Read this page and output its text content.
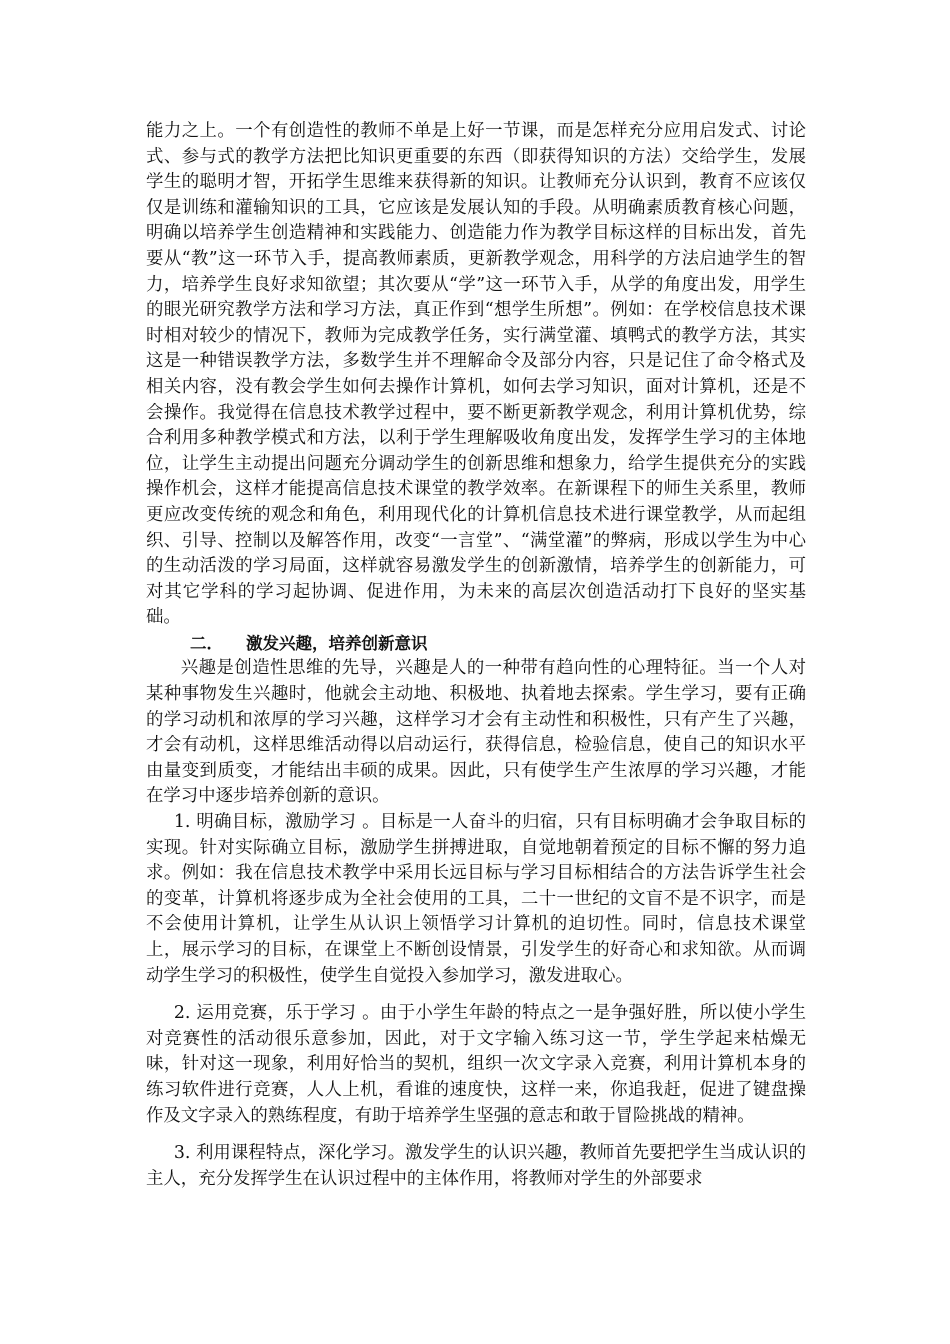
能力之上。一个有创造性的教师不单是上好一节课，而是怎样充分应用启发式、讨论式、参与式的教学方法把比知识更重要的东西（即获得知识的方法）交给学生，发展学生的聪明才智，开拓学生思维来获得新的知识。让教师充分认识到，教育不应该仅仅是训练和灌输知识的工具，它应该是发展认知的手段。从明确素质教育核心问题，明确以培养学生创造精神和实践能力、创造能力作为教学目标这样的目标出发，首先要从“教”这一环节入手，提高教师素质，更新教学观念，用科学的方法启迪学生的智力，培养学生良好求知欲望；其次要从“学”这一环节入手，从学的角度出发，用学生的眼光研究教学方法和学习方法，真正作到“想学生所想”。例如：在学校信息技术课时相对较少的情况下，教师为完成教学任务，实行满堂灌、填鸭式的教学方法，其实这是一种错误教学方法，多数学生并不理解命令及部分内容，只是记住了命令格式及相关内容，没有教会学生如何去操作计算机，如何去学习知识，面对计算机，还是不会操作。我觉得在信息技术教学过程中，要不断更新教学观念，利用计算机优势，综合利用多种教学模式和方法，以利于学生理解吸收角度出发，发挥学生学习的主体地位，让学生主动提出问题充分调动学生的创新思维和想象力，给学生提供充分的实践操作机会，这样才能提高信息技术课堂的教学效率。在新课程下的师生关系里，教师更应改变传统的观念和角色，利用现代化的计算机信息技术进行课堂教学，从而起组织、引导、控制以及解答作用，改变“一言堂”、“满堂灌”的弊病，形成以学生为中心的生动活泼的学习局面，这样就容易激发学生的创新激情，培养学生的创新能力，可对其它学科的学习起协调、促进作用，为未来的高层次创造活动打下良好的坚实基础。

二．    激发兴趣，培养创新意识

兴趣是创造性思维的先导，兴趣是人的一种带有趋向性的心理特征。当一个人对某种事物发生兴趣时，他就会主动地、积极地、执着地去探索。学生学习，要有正确的学习动机和浓厚的学习兴趣，这样学习才会有主动性和积极性，只有产生了兴趣，才会有动机，这样思维活动得以启动运行，获得信息，检验信息，使自己的知识水平由量变到质变，才能结出丰硕的成果。因此，只有使学生产生浓厚的学习兴趣，才能在学习中逐步培养创新的意识。

1. 明确目标，激励学习 。目标是一人奋斗的归宿，只有目标明确才会争取目标的实现。针对实际确立目标，激励学生拼搏进取，自觉地朝着预定的目标不懈的努力追求。例如：我在信息技术教学中采用长远目标与学习目标相结合的方法告诉学生社会的变革，计算机将逐步成为全社会使用的工具，二十一世纪的文盲不是不识字，而是不会使用计算机，让学生从认识上领悟学习计算机的迫切性。同时，信息技术课堂上，展示学习的目标，在课堂上不断创设情景，引发学生的好奇心和求知欲。从而调动学生学习的积极性，使学生自觉投入参加学习，激发进取心。

2. 运用竞赛，乐于学习 。由于小学生年龄的特点之一是争强好胜，所以使小学生对竞赛性的活动很乐意参加，因此，对于文字输入练习这一节，学生学起来枯燥无味，针对这一现象，利用好恰当的契机，组织一次文字录入竞赛，利用计算机本身的练习软件进行竞赛，人人上机，看谁的速度快，这样一来，你追我赶，促进了键盘操作及文字录入的熟练程度，有助于培养学生坚强的意志和敢于冒险挑战的精神。

3. 利用课程特点，深化学习。激发学生的认识兴趣，教师首先要把学生当成认识的主人，充分发挥学生在认识过程中的主体作用，将教师对学生的外部要求
